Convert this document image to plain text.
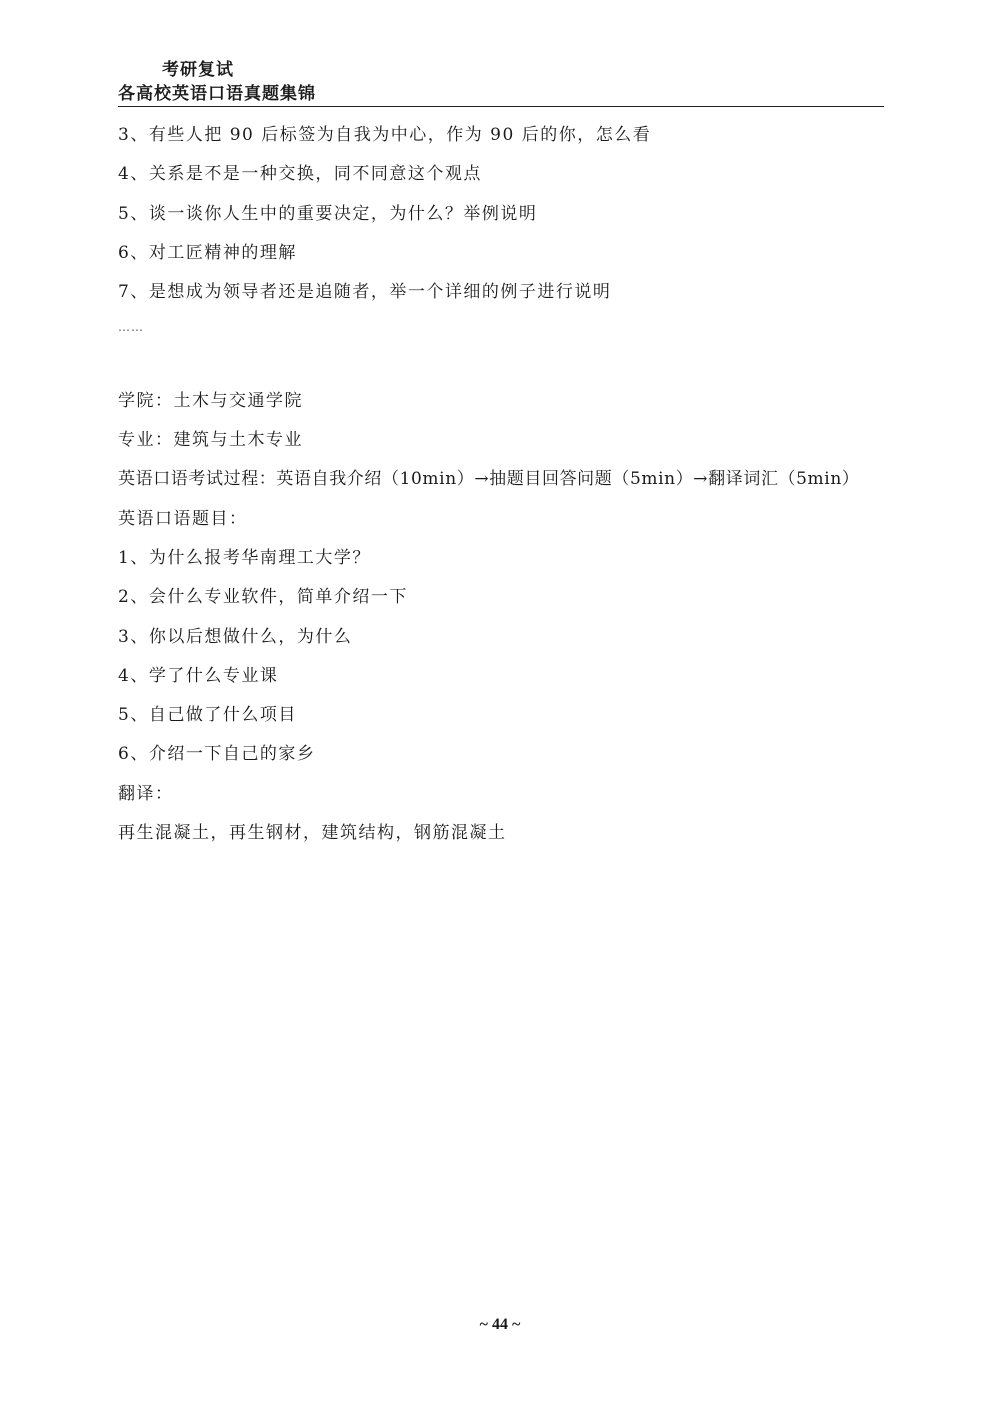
考研复试
各高校英语口语真题集锦
3、有些人把 90 后标签为自我为中心，作为 90 后的你，怎么看
4、关系是不是一种交换，同不同意这个观点
5、谈一谈你人生中的重要决定，为什么？举例说明
6、对工匠精神的理解
7、是想成为领导者还是追随者，举一个详细的例子进行说明
……
学院：土木与交通学院
专业：建筑与土木专业
英语口语考试过程：英语自我介绍（10min）→抽题目回答问题（5min）→翻译词汇（5min）
英语口语题目：
1、为什么报考华南理工大学？
2、会什么专业软件，简单介绍一下
3、你以后想做什么，为什么
4、学了什么专业课
5、自己做了什么项目
6、介绍一下自己的家乡
翻译：
再生混凝土，再生钢材，建筑结构，钢筋混凝土
~ 44 ~
